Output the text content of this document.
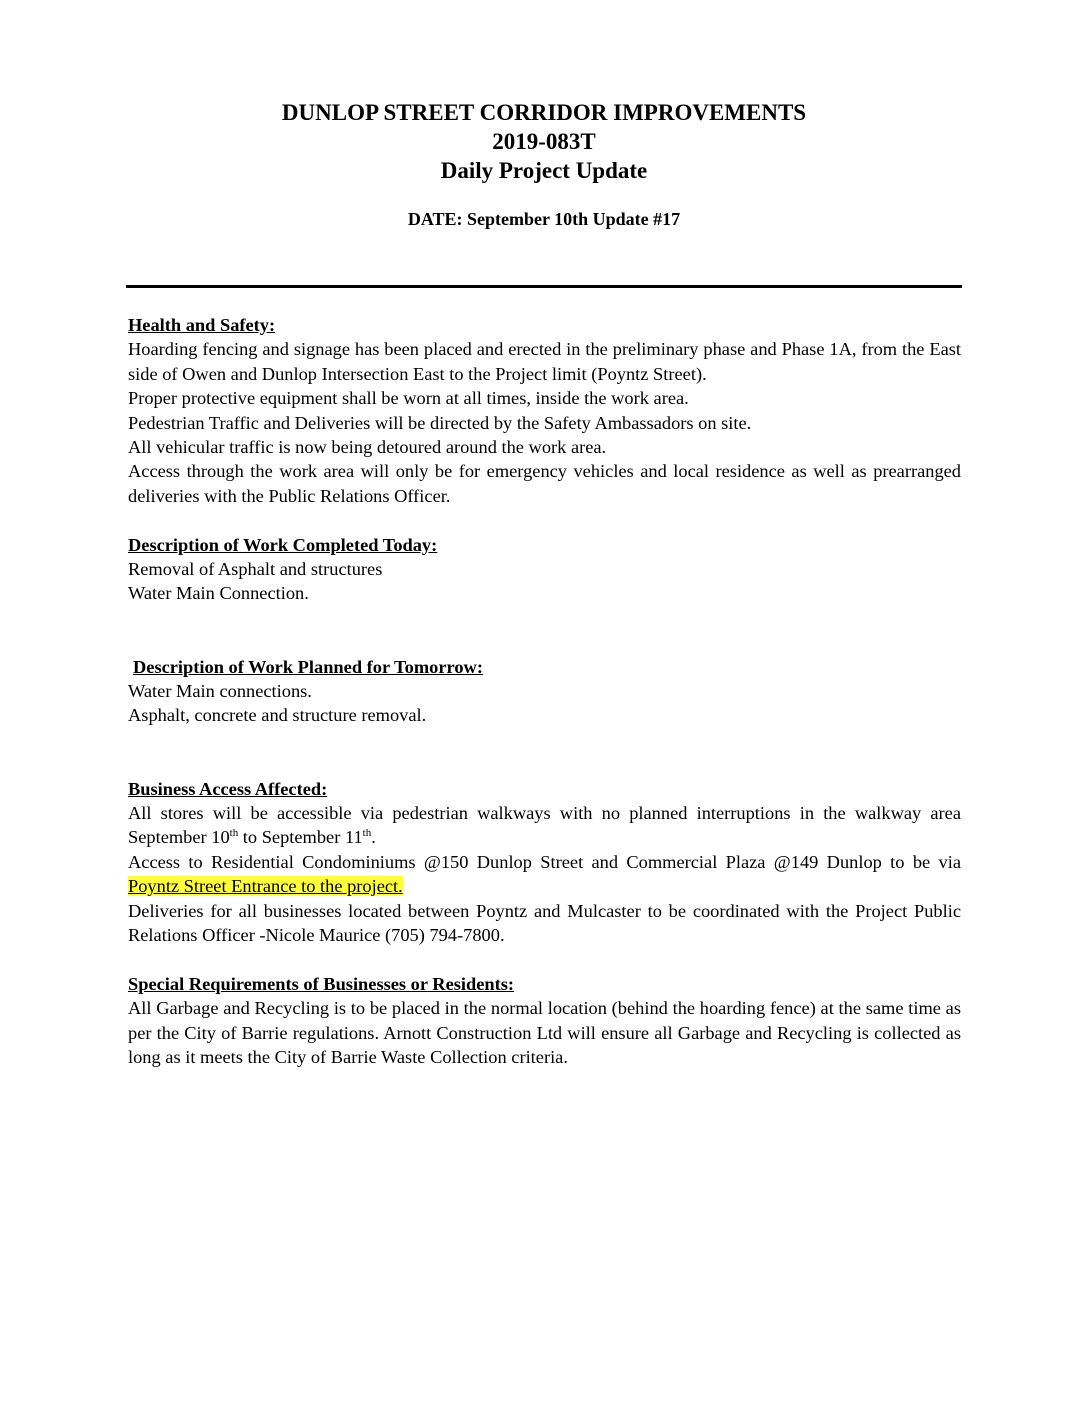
DUNLOP STREET CORRIDOR IMPROVEMENTS
2019-083T
Daily Project Update
DATE: September 10th Update #17
Health and Safety:
Hoarding fencing and signage has been placed and erected in the preliminary phase and Phase 1A, from the East side of Owen and Dunlop Intersection East to the Project limit (Poyntz Street).
Proper protective equipment shall be worn at all times, inside the work area.
Pedestrian Traffic and Deliveries will be directed by the Safety Ambassadors on site.
All vehicular traffic is now being detoured around the work area.
Access through the work area will only be for emergency vehicles and local residence as well as prearranged deliveries with the Public Relations Officer.
Description of Work Completed Today:
Removal of Asphalt and structures
Water Main Connection.
Description of Work Planned for Tomorrow:
Water Main connections.
Asphalt, concrete and structure removal.
Business Access Affected:
All stores will be accessible via pedestrian walkways with no planned interruptions in the walkway area September 10th to September 11th.
Access to Residential Condominiums @150 Dunlop Street and Commercial Plaza @149 Dunlop to be via Poyntz Street Entrance to the project.
Deliveries for all businesses located between Poyntz and Mulcaster to be coordinated with the Project Public Relations Officer -Nicole Maurice (705) 794-7800.
Special Requirements of Businesses or Residents:
All Garbage and Recycling is to be placed in the normal location (behind the hoarding fence) at the same time as per the City of Barrie regulations. Arnott Construction Ltd will ensure all Garbage and Recycling is collected as long as it meets the City of Barrie Waste Collection criteria.
